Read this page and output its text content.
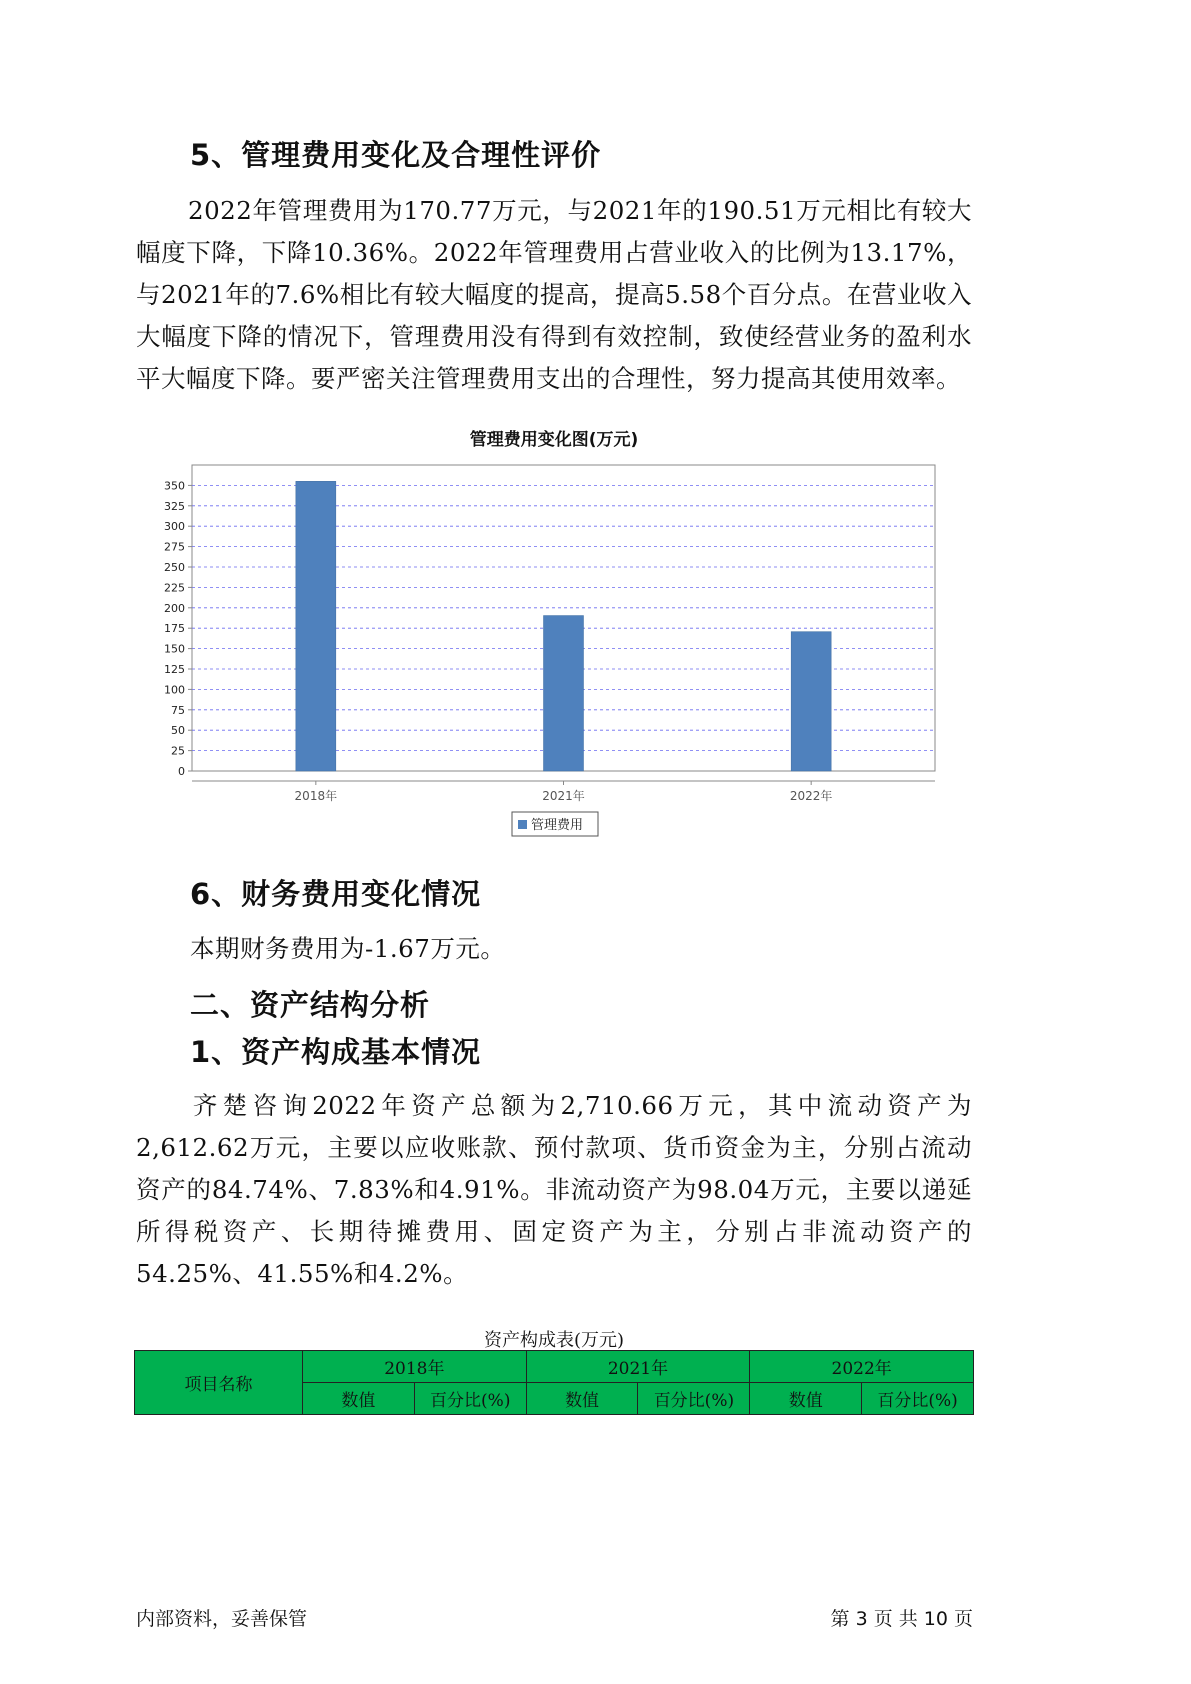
5、管理费用变化及合理性评价
2022年管理费用为170.77万元，与2021年的190.51万元相比有较大幅度下降，下降10.36%。2022年管理费用占营业收入的比例为13.17%，与2021年的7.6%相比有较大幅度的提高，提高5.58个百分点。在营业收入大幅度下降的情况下，管理费用没有得到有效控制，致使经营业务的盈利水平大幅度下降。要严密关注管理费用支出的合理性，努力提高其使用效率。
管理费用变化图(万元)
0
25
50
75
100
125
150
175
200
225
250
275
300
325
350
2018年	2021年	2022年
管理费用
6、财务费用变化情况
本期财务费用为-1.67万元。
二、资产结构分析
1、资产构成基本情况
齐楚咨询2022年资产总额为2,710.66万元，其中流动资产为2,612.62万元，主要以应收账款、预付款项、货币资金为主，分别占流动资产的84.74%、7.83%和4.91%。非流动资产为98.04万元，主要以递延所得税资产、长期待摊费用、固定资产为主，分别占非流动资产的54.25%、41.55%和4.2%。
资产构成表(万元)
项目名称	2018年		2021年		2022年	
	数值	百分比(%)	数值	百分比(%)	数值	百分比(%)
内部资料，妥善保管	第 3 页 共 10 页
